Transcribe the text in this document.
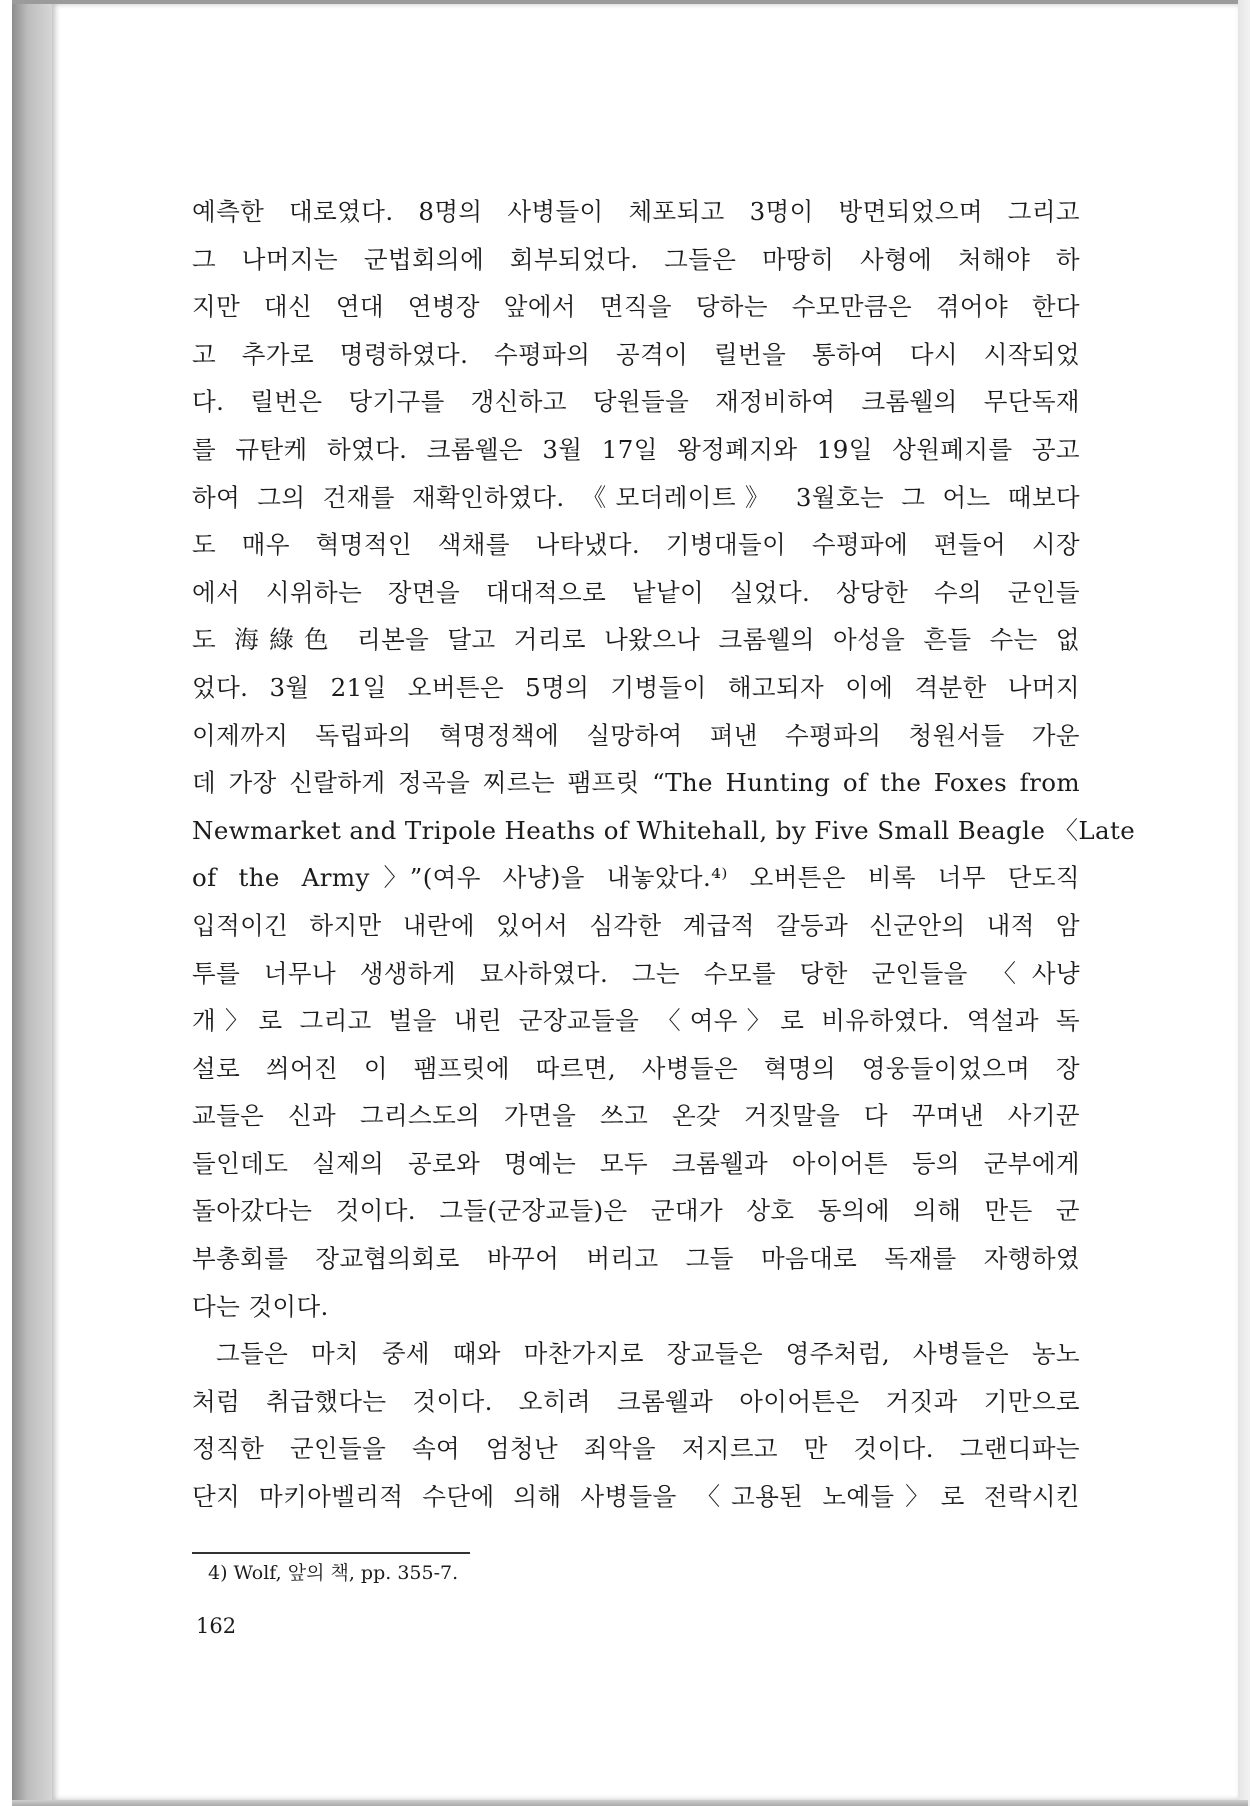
예측한 대로였다. 8명의 사병들이 체포되고 3명이 방면되었으며 그리고
그 나머지는 군법회의에 회부되었다. 그들은 마땅히 사형에 처해야 하
지만 대신 연대 연병장 앞에서 면직을 당하는 수모만큼은 겪어야 한다
고 추가로 명령하였다. 수평파의 공격이 릴번을 통하여 다시 시작되었
다. 릴번은 당기구를 갱신하고 당원들을 재정비하여 크롬웰의 무단독재
를 규탄케 하였다. 크롬웰은 3월 17일 왕정폐지와 19일 상원폐지를 공고
하여 그의 건재를 재확인하였다. 《모더레이트》 3월호는 그 어느 때보다
도 매우 혁명적인 색채를 나타냈다. 기병대들이 수평파에 편들어 시장
에서 시위하는 장면을 대대적으로 낱낱이 실었다. 상당한 수의 군인들
도 海綠色 리본을 달고 거리로 나왔으나 크롬웰의 아성을 흔들 수는 없
었다. 3월 21일 오버튼은 5명의 기병들이 해고되자 이에 격분한 나머지
이제까지 독립파의 혁명정책에 실망하여 펴낸 수평파의 청원서들 가운
데 가장 신랄하게 정곡을 찌르는 팸프릿 “The Hunting of the Foxes from
Newmarket and Tripole Heaths of Whitehall, by Five Small Beagle 〈Late
of the Army〉”(여우 사냥)을 내놓았다.⁴⁾ 오버튼은 비록 너무 단도직
입적이긴 하지만 내란에 있어서 심각한 계급적 갈등과 신군안의 내적 암
투를 너무나 생생하게 묘사하였다. 그는 수모를 당한 군인들을 〈사냥
개〉로 그리고 벌을 내린 군장교들을 〈여우〉로 비유하였다. 역설과 독
설로 씌어진 이 팸프릿에 따르면, 사병들은 혁명의 영웅들이었으며 장
교들은 신과 그리스도의 가면을 쓰고 온갖 거짓말을 다 꾸며낸 사기꾼
들인데도 실제의 공로와 명예는 모두 크롬웰과 아이어튼 등의 군부에게
돌아갔다는 것이다. 그들(군장교들)은 군대가 상호 동의에 의해 만든 군
부총회를 장교협의회로 바꾸어 버리고 그들 마음대로 독재를 자행하였
다는 것이다.
그들은 마치 중세 때와 마찬가지로 장교들은 영주처럼, 사병들은 농노
처럼 취급했다는 것이다. 오히려 크롬웰과 아이어튼은 거짓과 기만으로
정직한 군인들을 속여 엄청난 죄악을 저지르고 만 것이다. 그랜디파는
단지 마키아벨리적 수단에 의해 사병들을 〈고용된 노예들〉로 전락시킨
4) Wolf, 앞의 책, pp. 355-7.
162
